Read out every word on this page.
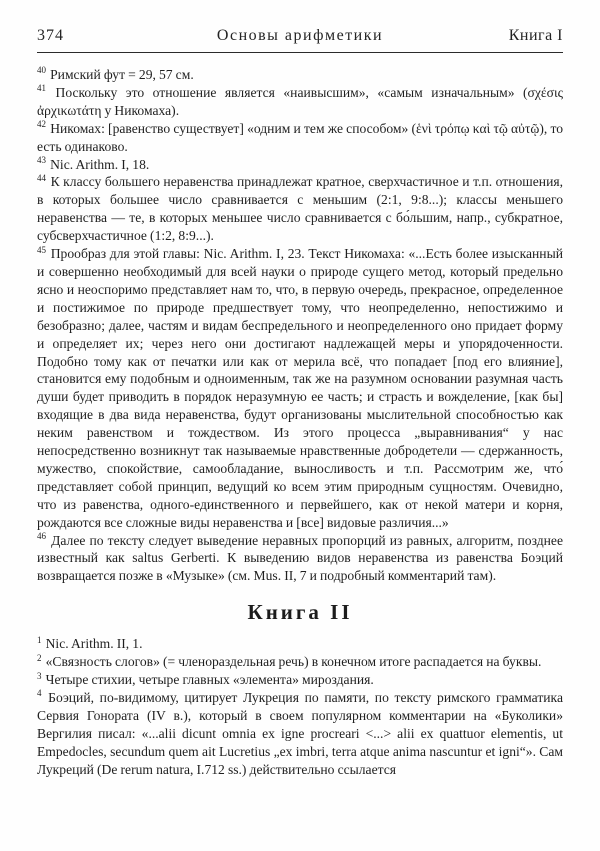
374	Основы арифметики	Книга I

$^{40}$ Римский фут = 29, 57 см.

$^{41}$ Поскольку это отношение является «наивысшим», «самым изначальным» (σχέσις ἀρχικωτάτη у Никомаха).

$^{42}$ Никомах: [равенство существует] «одним и тем же способом» (ἑνὶ τρόπῳ καὶ τῷ αὐτῷ), то есть одинаково.

$^{43}$ Nic. Arithm. I, 18.

$^{44}$ К классу большего неравенства принадлежат кратное, сверхчастичное и т.п. отношения, в которых большее число сравнивается с меньшим (2:1, 9:8...); классы меньшего неравенства — те, в которых меньшее число сравнивается с бо́льшим, напр., субкратное, субсверхчастичное (1:2, 8:9...).

$^{45}$ Прообраз для этой главы: Nic. Arithm. I, 23. Текст Никомаха: «...Есть более изысканный и совершенно необходимый для всей науки о природе сущего метод, который предельно ясно и неоспоримо представляет нам то, что, в первую очередь, прекрасное, определенное и постижимое по природе предшествует тому, что неопределенно, непостижимо и безобразно; далее, частям и видам беспредельного и неопределенного оно придает форму и определяет их; через него они достигают надлежащей меры и упорядоченности. Подобно тому как от печатки или как от мерила всё, что попадает [под его влияние], становится ему подобным и одноименным, так же на разумном основании разумная часть души будет приводить в порядок неразумную ее часть; и страсть и вожделение, [как бы] входящие в два вида неравенства, будут организованы мыслительной способностью как неким равенством и тождеством. Из этого процесса „выравнивания“ у нас непосредственно возникнут так называемые нравственные добродетели — сдержанность, мужество, спокойствие, самообладание, выносливость и т.п. Рассмотрим же, что́ представляет собой принцип, ведущий ко всем этим природным сущностям. Очевидно, что из равенства, одного-единственного и первейшего, как от некой матери и корня, рождаются все сложные виды неравенства и [все] видовые различия...»

$^{46}$ Далее по тексту следует выведение неравных пропорций из равных, алгоритм, позднее известный как saltus Gerberti. К выведению видов неравенства из равенства Боэций возвращается позже в «Музыке» (см. Mus. II, 7 и подробный комментарий там).

Книга II

$^1$ Nic. Arithm. II, 1.

$^2$ «Связность слогов» (= членораздельная речь) в конечном итоге распадается на буквы.

$^3$ Четыре стихии, четыре главных «элемента» мироздания.

$^4$ Боэций, по-видимому, цитирует Лукреция по памяти, по тексту римского грамматика Сервия Гонората (IV в.), который в своем популярном комментарии на «Буколики» Вергилия писал: «...alii dicunt omnia ex igne procreari <...> alii ex quattuor elementis, ut Empedocles, secundum quem ait Lucretius „ex imbri, terra atque anima nascuntur et igni“». Сам Лукреций (De rerum natura, I.712 ss.) действительно ссылается
